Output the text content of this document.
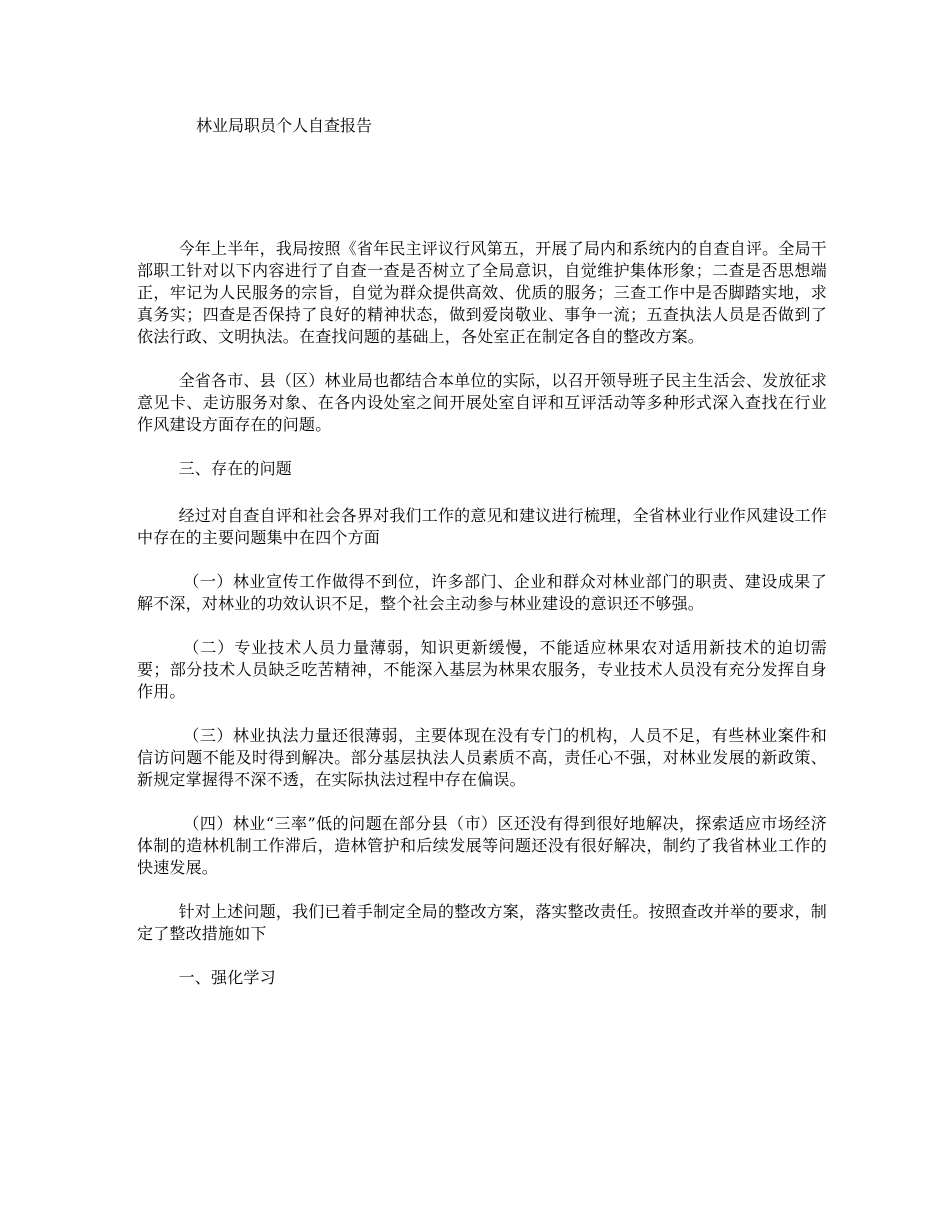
林业局职员个人自查报告

今年上半年，我局按照《省年民主评议行风第五，开展了局内和系统内的自查自评。全局干部职工针对以下内容进行了自查一查是否树立了全局意识，自觉维护集体形象；二查是否思想端正，牢记为人民服务的宗旨，自觉为群众提供高效、优质的服务；三查工作中是否脚踏实地，求真务实；四查是否保持了良好的精神状态，做到爱岗敬业、事争一流；五查执法人员是否做到了依法行政、文明执法。在查找问题的基础上，各处室正在制定各自的整改方案。

全省各市、县（区）林业局也都结合本单位的实际，以召开领导班子民主生活会、发放征求意见卡、走访服务对象、在各内设处室之间开展处室自评和互评活动等多种形式深入查找在行业作风建设方面存在的问题。

三、存在的问题

经过对自查自评和社会各界对我们工作的意见和建议进行梳理，全省林业行业作风建设工作中存在的主要问题集中在四个方面

（一）林业宣传工作做得不到位，许多部门、企业和群众对林业部门的职责、建设成果了解不深，对林业的功效认识不足，整个社会主动参与林业建设的意识还不够强。

（二）专业技术人员力量薄弱，知识更新缓慢，不能适应林果农对适用新技术的迫切需要；部分技术人员缺乏吃苦精神，不能深入基层为林果农服务，专业技术人员没有充分发挥自身作用。

（三）林业执法力量还很薄弱，主要体现在没有专门的机构，人员不足，有些林业案件和信访问题不能及时得到解决。部分基层执法人员素质不高，责任心不强，对林业发展的新政策、新规定掌握得不深不透，在实际执法过程中存在偏误。

（四）林业“三率”低的问题在部分县（市）区还没有得到很好地解决，探索适应市场经济体制的造林机制工作滞后，造林管护和后续发展等问题还没有很好解决，制约了我省林业工作的快速发展。

针对上述问题，我们已着手制定全局的整改方案，落实整改责任。按照查改并举的要求，制定了整改措施如下

一、强化学习
